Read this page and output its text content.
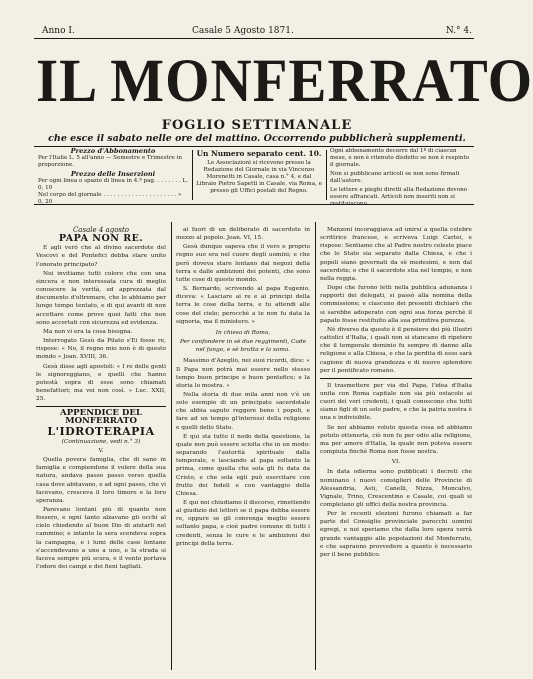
Anno I.	Casale 5 Agosto 1871.	N.° 4.
IL MONFERRATO
FOGLIO SETTIMANALE
che esce il sabato nelle ore del mattino. Occorrendo pubblicherà supplementi.

Prezzo d'Abbonamento

Per l'Italie L. 5 all'anno — Semestre e Trimestre in proporzione.

Prezzo delle Inserzioni

Per ogni linea o spazio di linea in 4.ª pag. . . . . . . . L. 0, 10

Nel corpo del giornale . . . . . . . . . . . . . . . . . . . . . » 0, 20

Un Numero separato cent. 10.

Le Associazioni si ricevono presso la Redazione del Giornale in via Vincenzo Morenetti in Casale, casa n.° 4, e dal Libraio Pietro Sapetti in Casale, via Roma, e presso gli Uffici postali del Regno.

Ogni abbonamento decorre dal 1º di ciascun mese, e non è ritenuto disdetto se non è respinto il giornale.

Non si pubblicano articoli se non sono firmati dall'autore.

Le lettere e pieghi diretti alla Redazione devono essere affrancati. Articoli non inseriti non si restituiscono.

Casale 4 agosto

PAPA NON RE.

E agli veró che al divino sacerdote del Vescovi e del Pontefici debba stare unito l'onorato principato?

Noi invitiamo tutti coloro che con una sincera e non interessata cura di meglio conoscere la verità, ed apprezzata dal documento d'oltremare, che lo abbiamo per lungo tempo tentato, e di qui avanti di non accettare come prove quei fatti che non sono accertati con sicurezza ed evidenza.

Ma non vi era la cosa bisogna.

Interrogato Gesù da Pilato s'Ei fosse re, rispose: « No, il regno mio non è di questo mondo » Joan. XVIII, 36.

Gesù disse agli apostoli: « I re delle genti le signoreggiano, e quelli che hanno potestà sopra di esse sono chiamati benefattori; ma voi non così. » Luc. XXII, 25.

APPENDICE DEL MONFERRATO

L'IDROTERAPIA

(Continuazione, vedi n.° 3)

V.

Quella povera famiglia, che di sano in famiglia e compiendone il volere della sua natura, andava passo passo verso quella casa dove abitavano, e ad ogni passo, che vi facevano, cresceva il loro timore e la loro speranza.

Parevano lontani più di quanto non fossero, e ogni tanto alzavano gli occhi al cielo chiedendo al buon Dio di aiutarli nel cammino; e intanto la sera scendeva sopra la campagna, e i lumi delle case lontane s'accendevano a uno a uno, e la strada si faceva sempre più scura, e il vento portava l'odore dei campi e dei fieni tagliati.

ai fuori di un deliberato di sacerdote in mezzo al popolo. Joan. VI, 15.

Gesù dunque sapeva che il vero e proprio regno suo era nel cuore degli uomini; e che però doveva stare lontano dai negozi della terra e dalle ambizioni dei potenti, che sono tutte cose di questo mondo.

S. Bernardo, scrivendo al papa Eugenio, diceva: « Lasciare ai re e ai principi della terra le cose della terra, e tu attendi alle cose del cielo; perocchè a te non fu data la signoria, ma il ministero. »

In chiesa di Roma,

Per confondere in sè due reggimenti, Cade nel fango, e sè brutta e la soma.

Massimo d'Azeglio, nei suoi ricordi, dice: « Il Papa non potrà mai essere nello stesso tempo buon principe e buon pontefice; e la storia lo mostra. »

Nella storia di due mila anni non v'è un solo esempio di un principato sacerdotale che abbia saputo reggere bene i popoli, e fare ad un tempo gl'interessi della religione e quelli dello Stato.

E qui sta tutto il nodo della questione, la quale non può essere sciolta che in un modo: separando l'autorità spirituale dalla temporale, e lasciando al papa soltanto la prima, come quella che sola gli fu data da Cristo, e che sola egli può esercitare con frutto dei fedeli e con vantaggio della Chiesa.

E qui noi chiudiamo il discorso, rimettendo al giudizio dei lettori se il papa debba essere re, oppure se gli convenga meglio essere soltanto papa, e cioè padre comune di tutti i credenti, senza le cure e le ambizioni dei principi della terra.

Manzoni incoraggiava ad unirsi a quella celebre scrittrice francese, e scriveva Luigi Cartei, e rispose: Sentiamo che al Padre nostro celeste piace che lo Stato sia separato dalla Chiesa, e che i popoli siano governati da sè medesimi, e non dal sacerdote; e che il sacerdote stia nel tempio, e non nella reggia.

Dopo che furono letti nella pubblica adunanza i rapporti dei delegati, si passò alla nomina della commissione; e ciascuno dei presenti dichiarò che si sarebbe adoperato con ogni sua forza perchè il papato fosse restituito alla sua primitiva purezza.

Nè diverso da questo è il pensiero dei più illustri cattolici d'Italia, i quali non si stancano di ripetere che il temporale dominio fu sempre di danno alla religione e alla Chiesa, e che la perdita di esso sarà cagione di nuova grandezza e di nuovo splendore per il pontificato romano.

Il trasmettere per via del Papa, l'idea d'Italia unita con Roma capitale non sia più ostacolo ai cuori dei veri credenti, i quali conoscono che tutti siamo figli di un solo padre, e che la patria nostra è una e indivisibile.

Se noi abbiamo voluto questa cosa ed abbiamo potuto ottenerla, ciò non fu per odio alla religione, ma per amore d'Italia, la quale non poteva essere compiuta finchè Roma non fosse nostra.

VI.

In data odierna sono pubblicati i decreti che nominano i nuovi consiglieri delle Provincie di Alessandria, Asti, Canelli, Nizza, Moncalvo, Vignale, Trino, Crescentino e Casale, coi quali si completano gli uffici della nostra provincia.

Per le recenti elezioni furono chiamati a far parte del Consiglio provinciale parecchi uomini egregi, e noi speriamo che dalla loro opera verrà grande vantaggio alle popolazioni del Monferrato, e che sapranno provvedere a quanto è necessario per il bene pubblico.
